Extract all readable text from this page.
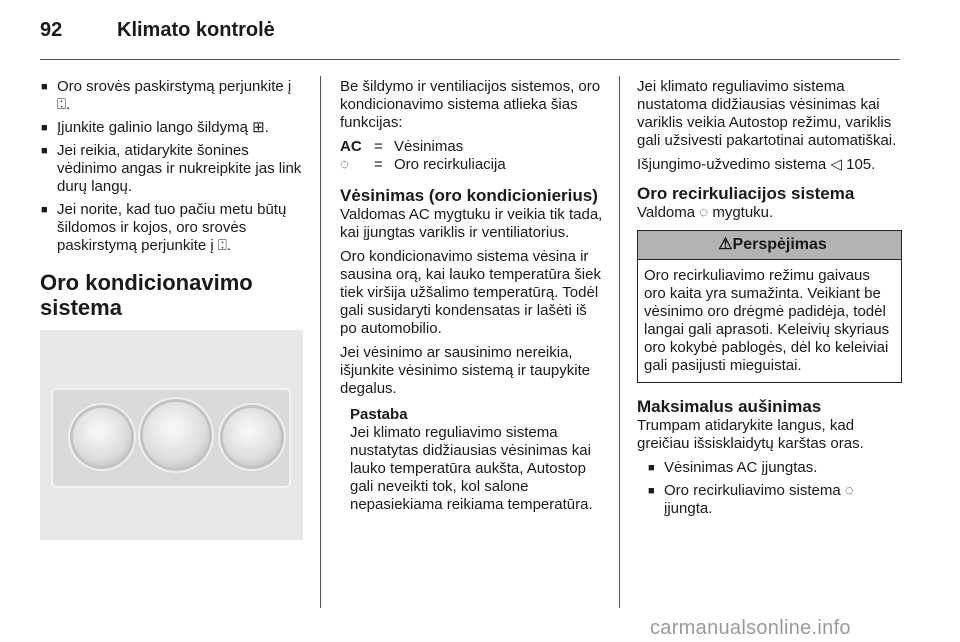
92	Klimato kontrolė
■ Oro srovės paskirstymą perjunkite į ⍠.
■ Įjunkite galinio lango šildymą ⊞.
■ Jei reikia, atidarykite šonines vėdinimo angas ir nukreipkite jas link durų langų.
■ Jei norite, kad tuo pačiu metu būtų šildomos ir kojos, oro srovės paskirstymą perjunkite į ⍠.
Oro kondicionavimo sistema

Be šildymo ir ventiliacijos sistemos, oro kondicionavimo sistema atlieka šias funkcijas:

AC = Vėsinimas
◌	= Oro recirkuliacija
Vėsinimas (oro kondicionierius)

Valdomas AC mygtuku ir veikia tik tada, kai įjungtas variklis ir ventiliatorius.

Oro kondicionavimo sistema vėsina ir sausina orą, kai lauko temperatūra šiek tiek viršija užšalimo temperatūrą. Todėl gali susidaryti kondensatas ir lašėti iš po automobilio.

Jei vėsinimo ar sausinimo nereikia, išjunkite vėsinimo sistemą ir taupykite degalus.

Pastaba
Jei klimato reguliavimo sistema nustatytas didžiausias vėsinimas kai lauko temperatūra aukšta, Autostop gali neveikti tok, kol salone nepasiekiama reikiama temperatūra.

Jei klimato reguliavimo sistema nustatoma didžiausias vėsinimas kai variklis veikia Autostop režimu, variklis gali užsivesti pakartotinai automatiškai.

Išjungimo-užvedimo sistema ◁ 105.

Oro recirkuliacijos sistema

Valdoma ◌ mygtuku.

⚠Perspėjimas
Oro recirkuliavimo režimu gaivaus oro kaita yra sumažinta. Veikiant be vėsinimo oro drėgmė padidėja, todėl langai gali aprasoti. Keleivių skyriaus oro kokybė pablogės, dėl ko keleiviai gali pasijusti mieguistai.
Maksimalus aušinimas

Trumpam atidarykite langus, kad greičiau išsisklaidytų karštas oras.

■ Vėsinimas AC įjungtas.
■ Oro recirkuliavimo sistema ◌ įjungta.
carmanualsonline.info
